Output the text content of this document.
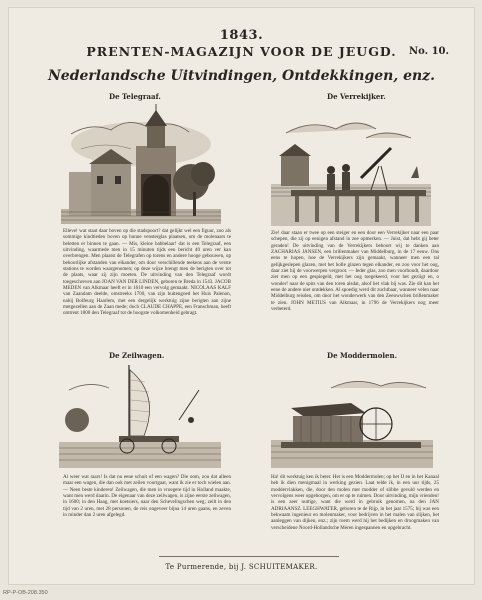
1843.
PRENTEN-MAGAZIJN VOOR DE JEUGD.	No. 10.
Nederlandsche Uitvindingen, Ontdekkingen, enz.
De Telegraaf.
Elleve! wat staat daar boven op die stadspoort? dat gelijkt wel een figuur, zoo als sommige kindtieden boven op hunne vensterglas plaatsen, om de molenaars te beletten er binnen te gaan. — Mis, kleine babbelaar! dat is een Telegraaf, een uitvinding, waarmede men in 15 minuten tijds een bericht 40 uren ver kan overbrengen. Men plaatst de Telegrafen op torens en andere hooge gebouwen, op behoorlijke afstanden van elkander, om door verschillende teekens aan de verste stations te worden waargenomen; op deze wijze brengt men de berigten over tot de plaats, waar zij zijn moeten. De uitvinding van den Telegraaf wordt toegeschreven aan JOAN VAN DER LINDEN, geboren te Breda in 1543. JACOB MEDEN van Alkmaar heeft er in 1610 een vervolg gemaakt. NICOLAAS KALF van Zaandam deelde, omstreeks 1700, van zijn buitengoed het Huis Palenon, nabij Bolfeurg Haarlem, met een dergelijk werktuig zijne berigten aan zijne metgezellen aan de Zaan mede; doch CLAUDE CHAPPE, een Franschman, heeft omtrent 1800 den Telegraaf tot de hoogste volkomenheid gebragt.
De Verrekijker.
Zie! daar staan er twee op een steiger en een door een Verrekijker naar een paar schepen, die zij op eenigen afstand in zee opmerken. — Juist, dat hebt gij beter geraden! De uitvinding van de Verrekijkers behoort wij te danken aan ZACHARIAS JANSEN, een brillenmaker van Middelburg, in de 17 eeuw. Ons eens te hopen, hoe de Verrekijkers zijn gemaakt, wanneer men een tal gelijkgeslepen glazen, met het holle glazen tegen elkander, en zoo voor het oog, daar ziet hij de voorwerpen vergroot. — Ieder glas, zoo men voorhoudt, daardoor ziet men op een gespiegeld, met het oog toegekeerd, voor het geziigt en, o wonder! naar de spits van den toren alsdat, alsof het vlak bij was. Zie dit kan het eene de andere niet ontdekken. Al spoedig werd dit zuchtbaar, wanneer velen naar Middelburg reisden, om door het wonderwerk van den Zeeuwschen brillenmaker te zien. JOHN METIUS van Alkmaar, in 1796 de Verrekijkers nog meer verbeterd.
De Zeilwagen.
Al weer wat raars! Is dat nu eene schuit of een wagen? Die oom, zou dat alleen maar een wagen, die dan ook met zeilen voortgaat, want ik zie er toch wielen aan. — Neen beste kinderen! Zeilwagen, die men in vroegere tijd in Holland maakte, want men werd daarin. De eigenaar van deze zeilwagen, is zijne eerste zeilwagen, in 1600; in den Haag, met koetsiers, naar den Schevelingschen weg; zeilt in den tijd van 2 uren, met 28 personen, de reis ongeveer bijna 14 uren gaans, en zeven in minder dan 2 uren afgelegd.
De Moddermolen.
Ha! dit werktuig ken ik beter. Het is een Moddermolen; op het IJ en in het Kanaal heb ik dien menigmaal in werking gezien. Laat telde ik, in een uur tijds, 25 moddervlakken, die, door den molen met modder of slibbe gevuld werden en vervolgens weer opgeborgen, om er op te ruimen. Door uitvinding, mijn vrienden! is een zeer nuttige, want die werd in gebruik genomen, na den JAN ADRIAANSZ. LEEGHWATER, geboren te de Rijp, in het jaar 1575; hij was een bekwaam ingenieur en molenmaker, voor bedrijven in het malen van slijken, het aanleggen van dijken, enz.; zijn roem werd hij het bedijken en droogmaken van verscheidene Noord-Hollandsche Meren ingespannen en opgebracht.
Te Purmerende, bij J. SCHUITEMAKER.
RP-P-OB-208.350
